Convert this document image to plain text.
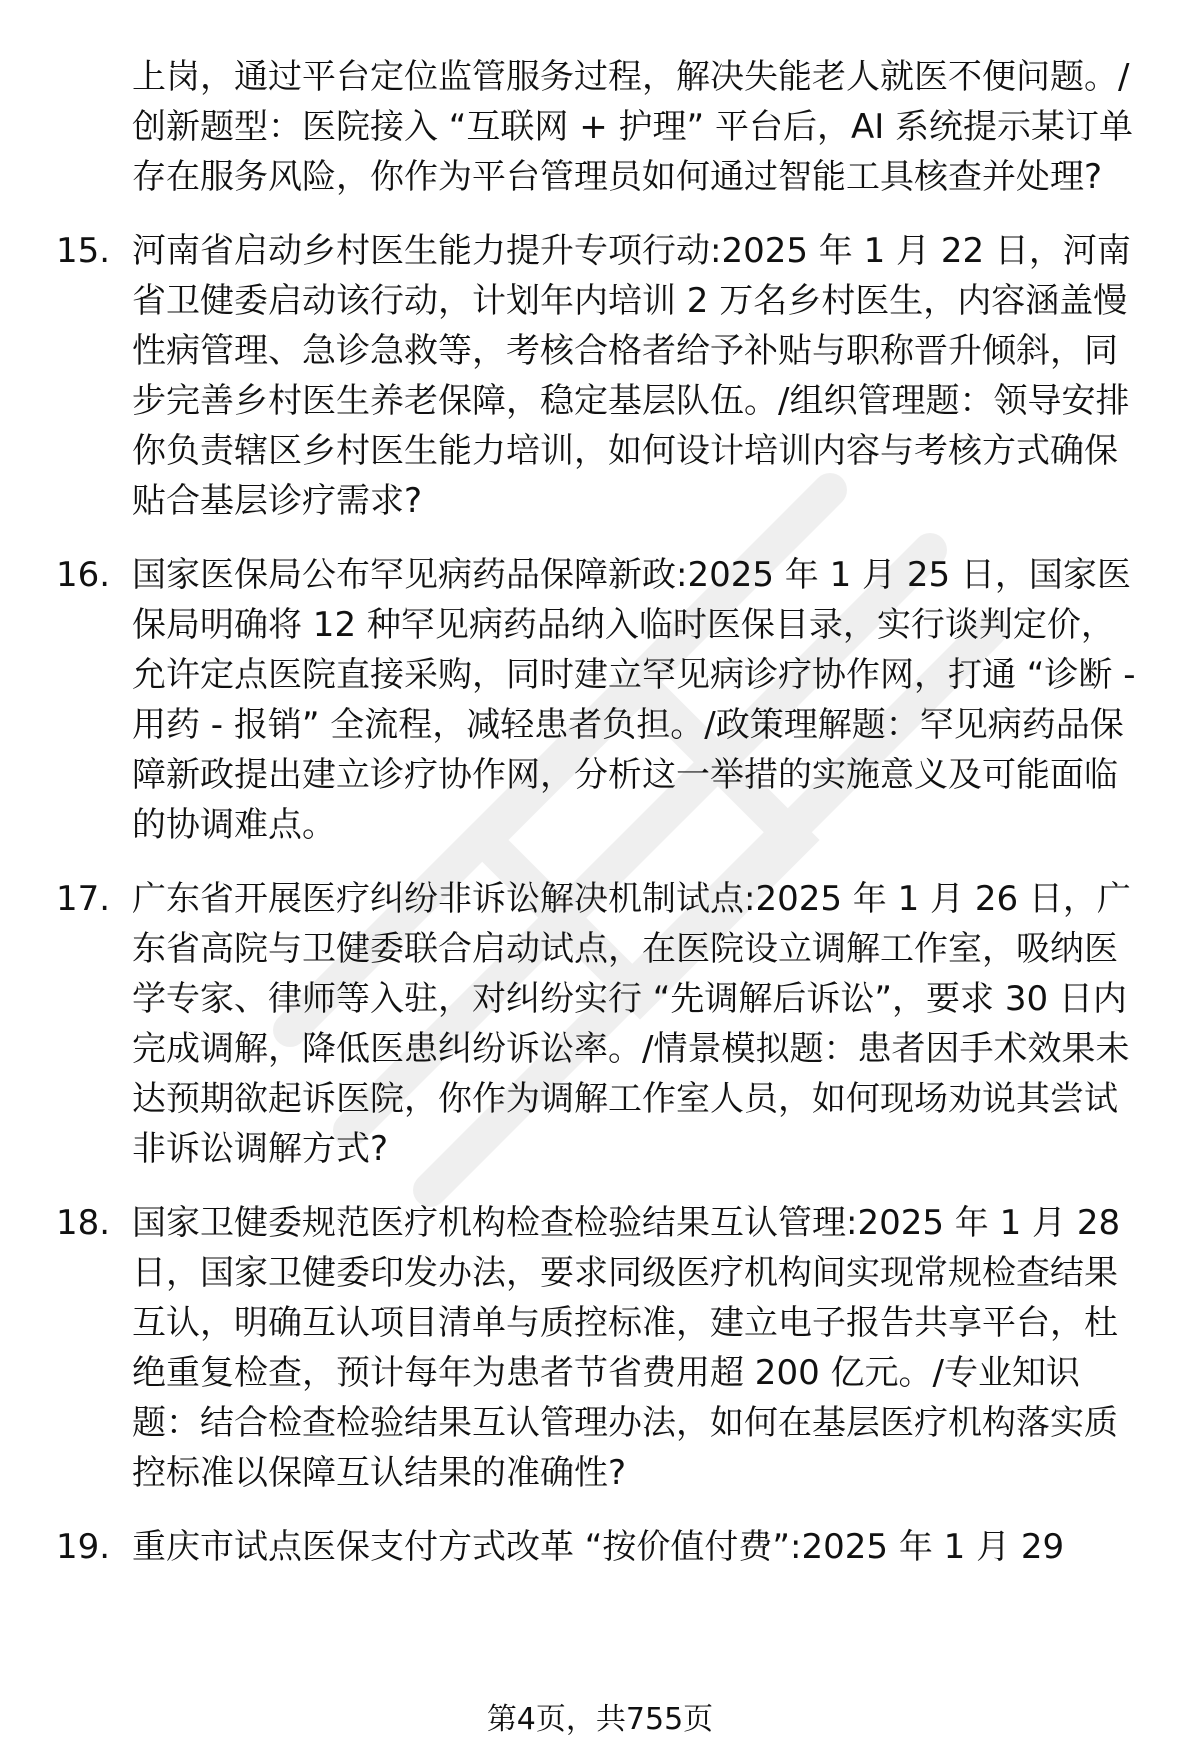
上岗，通过平台定位监管服务过程，解决失能老人就医不便问题。/创新题型：医院接入 “互联网 + 护理” 平台后，AI 系统提示某订单存在服务风险，你作为平台管理员如何通过智能工具核查并处理?
15. 河南省启动乡村医生能力提升专项行动:2025 年 1 月 22 日，河南省卫健委启动该行动，计划年内培训 2 万名乡村医生，内容涵盖慢性病管理、急诊急救等，考核合格者给予补贴与职称晋升倾斜，同步完善乡村医生养老保障，稳定基层队伍。/组织管理题：领导安排你负责辖区乡村医生能力培训，如何设计培训内容与考核方式确保贴合基层诊疗需求?
16. 国家医保局公布罕见病药品保障新政:2025 年 1 月 25 日，国家医保局明确将 12 种罕见病药品纳入临时医保目录，实行谈判定价，允许定点医院直接采购，同时建立罕见病诊疗协作网，打通 “诊断 - 用药 - 报销” 全流程，减轻患者负担。/政策理解题：罕见病药品保障新政提出建立诊疗协作网，分析这一举措的实施意义及可能面临的协调难点。
17. 广东省开展医疗纠纷非诉讼解决机制试点:2025 年 1 月 26 日，广东省高院与卫健委联合启动试点，在医院设立调解工作室，吸纳医学专家、律师等入驻，对纠纷实行 “先调解后诉讼”，要求 30 日内完成调解，降低医患纠纷诉讼率。/情景模拟题：患者因手术效果未达预期欲起诉医院，你作为调解工作室人员，如何现场劝说其尝试非诉讼调解方式?
18. 国家卫健委规范医疗机构检查检验结果互认管理:2025 年 1 月 28 日，国家卫健委印发办法，要求同级医疗机构间实现常规检查结果互认，明确互认项目清单与质控标准，建立电子报告共享平台，杜绝重复检查，预计每年为患者节省费用超 200 亿元。/专业知识题：结合检查检验结果互认管理办法，如何在基层医疗机构落实质控标准以保障互认结果的准确性?
19. 重庆市试点医保支付方式改革 “按价值付费”:2025 年 1 月 29
第4页，共755页
